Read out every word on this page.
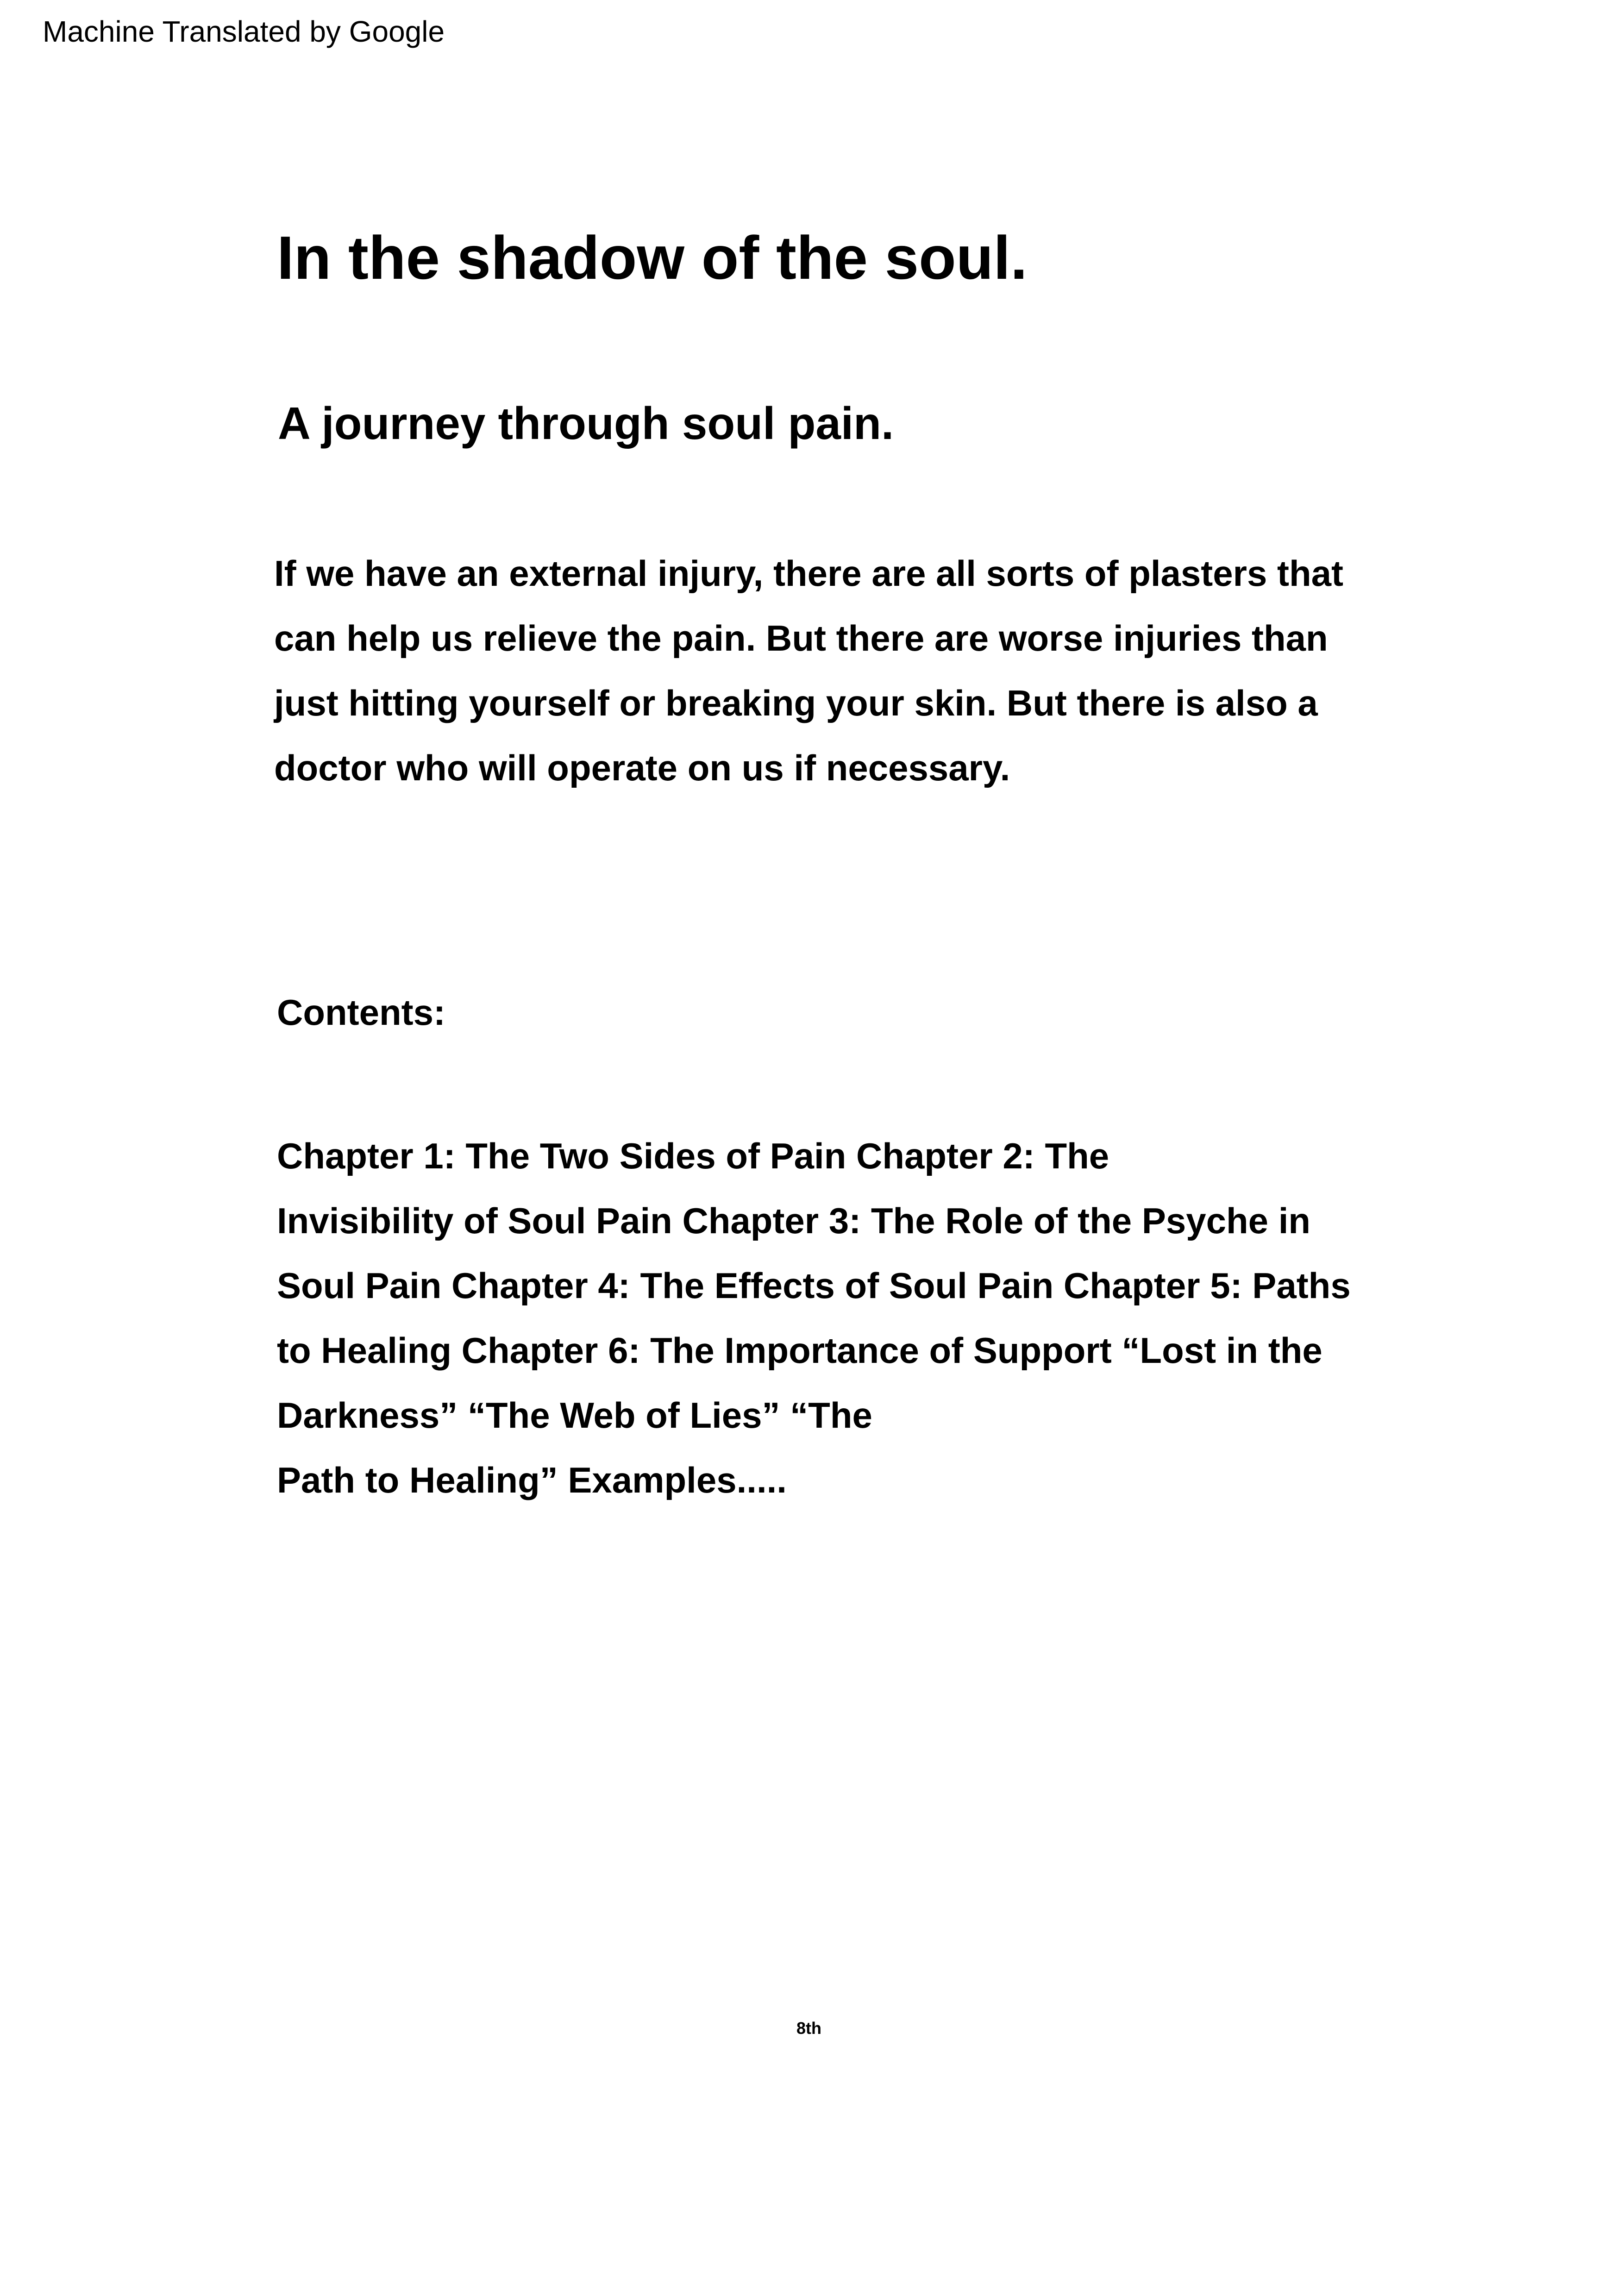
Machine Translated by Google
In the shadow of the soul.
A journey through soul pain.

If we have an external injury, there are all sorts of plasters that
can help us relieve the pain. But there are worse injuries than
just hitting yourself or breaking your skin. But there is also a
doctor who will operate on us if necessary.

Contents:

Chapter 1: The Two Sides of Pain Chapter 2: The
Invisibility of Soul Pain Chapter 3: The Role of the Psyche in
Soul Pain Chapter 4: The Effects of Soul Pain Chapter 5: Paths
to Healing Chapter 6: The Importance of Support “Lost in the
Darkness” “The Web of Lies” “The
Path to Healing” Examples.....

8th
